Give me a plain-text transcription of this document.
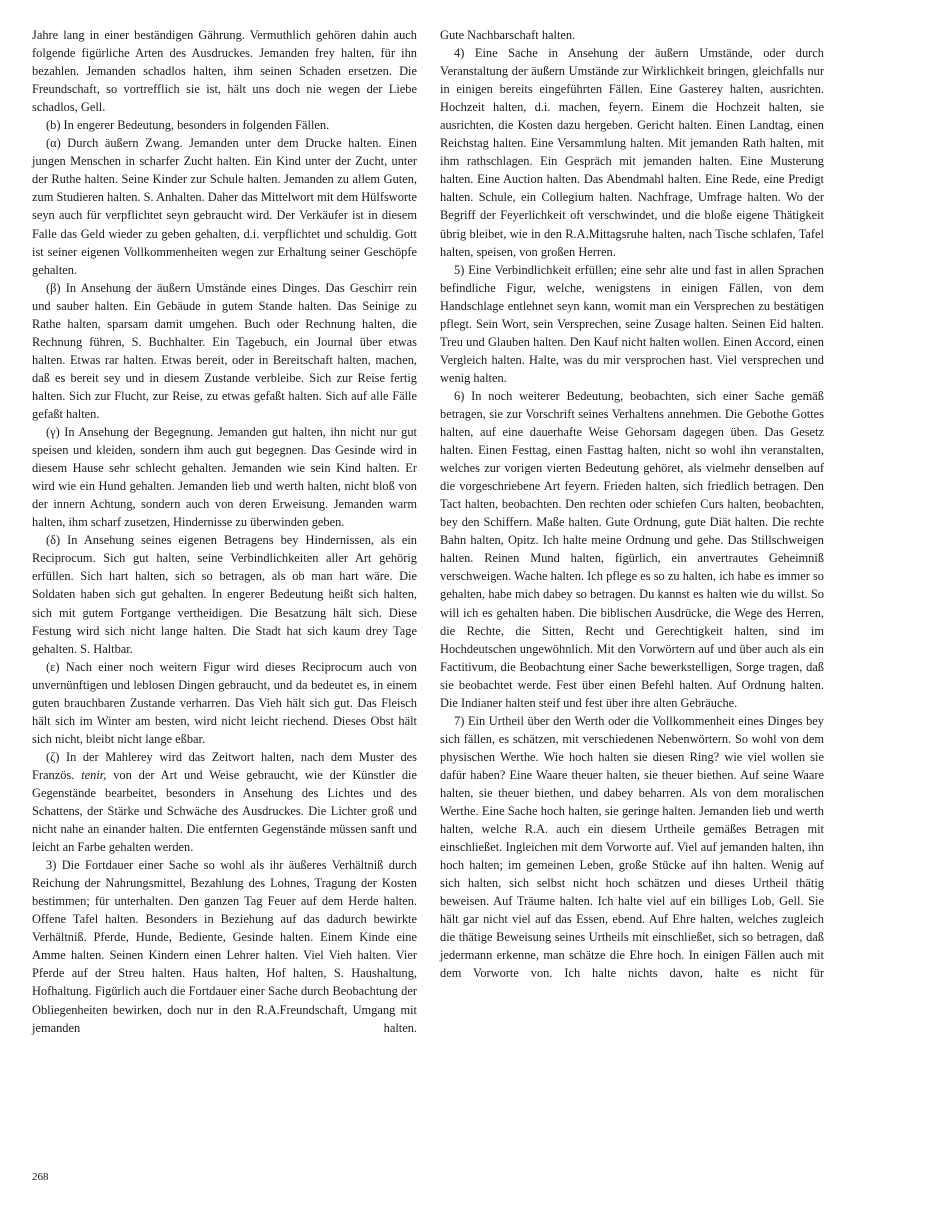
Jahre lang in einer beständigen Gährung. Vermuthlich gehören dahin auch folgende figürliche Arten des Ausdruckes. Jemanden frey halten, für ihn bezahlen. Jemanden schadlos halten, ihm seinen Schaden ersetzen. Die Freundschaft, so vortrefflich sie ist, hält uns doch nie wegen der Liebe schadlos, Gell.

(b) In engerer Bedeutung, besonders in folgenden Fällen.

(α) Durch äußern Zwang. Jemanden unter dem Drucke halten. Einen jungen Menschen in scharfer Zucht halten. Ein Kind unter der Zucht, unter der Ruthe halten. Seine Kinder zur Schule halten. Jemanden zu allem Guten, zum Studieren halten. S. Anhalten. Daher das Mittelwort mit dem Hülfsworte seyn auch für verpflichtet seyn gebraucht wird. Der Verkäufer ist in diesem Falle das Geld wieder zu geben gehalten, d.i. verpflichtet und schuldig. Gott ist seiner eigenen Vollkommenheiten wegen zur Erhaltung seiner Geschöpfe gehalten.

(β) In Ansehung der äußern Umstände eines Dinges. Das Geschirr rein und sauber halten. Ein Gebäude in gutem Stande halten. Das Seinige zu Rathe halten, sparsam damit umgehen. Buch oder Rechnung halten, die Rechnung führen, S. Buchhalter. Ein Tagebuch, ein Journal über etwas halten. Etwas rar halten. Etwas bereit, oder in Bereitschaft halten, machen, daß es bereit sey und in diesem Zustande verbleibe. Sich zur Reise fertig halten. Sich zur Flucht, zur Reise, zu etwas gefaßt halten. Sich auf alle Fälle gefaßt halten.

(γ) In Ansehung der Begegnung. Jemanden gut halten, ihn nicht nur gut speisen und kleiden, sondern ihm auch gut begegnen. Das Gesinde wird in diesem Hause sehr schlecht gehalten. Jemanden wie sein Kind halten. Er wird wie ein Hund gehalten. Jemanden lieb und werth halten, nicht bloß von der innern Achtung, sondern auch von deren Erweisung. Jemanden warm halten, ihm scharf zusetzen, Hindernisse zu überwinden geben.

(δ) In Ansehung seines eigenen Betragens bey Hindernissen, als ein Reciprocum. Sich gut halten, seine Verbindlichkeiten aller Art gehörig erfüllen. Sich hart halten, sich so betragen, als ob man hart wäre. Die Soldaten haben sich gut gehalten. In engerer Bedeutung heißt sich halten, sich mit gutem Fortgange vertheidigen. Die Besatzung hält sich. Diese Festung wird sich nicht lange halten. Die Stadt hat sich kaum drey Tage gehalten. S. Haltbar.

(ε) Nach einer noch weitern Figur wird dieses Reciprocum auch von unvernünftigen und leblosen Dingen gebraucht, und da bedeutet es, in einem guten brauchbaren Zustande verharren. Das Vieh hält sich gut. Das Fleisch hält sich im Winter am besten, wird nicht leicht riechend. Dieses Obst hält sich nicht, bleibt nicht lange eßbar.

(ζ) In der Mahlerey wird das Zeitwort halten, nach dem Muster des Französ. tenir, von der Art und Weise gebraucht, wie der Künstler die Gegenstände bearbeitet, besonders in Ansehung des Lichtes und des Schattens, der Stärke und Schwäche des Ausdruckes. Die Lichter groß und nicht nahe an einander halten. Die entfernten Gegenstände müssen sanft und leicht an Farbe gehalten werden.

3) Die Fortdauer einer Sache so wohl als ihr äußeres Verhältniß durch Reichung der Nahrungsmittel, Bezahlung des Lohnes, Tragung der Kosten bestimmen; für unterhalten. Den ganzen Tag Feuer auf dem Herde halten. Offene Tafel halten. Besonders in Beziehung auf das dadurch bewirkte Verhältniß. Pferde, Hunde, Bediente, Gesinde halten. Einem Kinde eine Amme halten. Seinen Kindern einen Lehrer halten. Viel Vieh halten. Vier Pferde auf der Streu halten. Haus halten, Hof halten, S. Haushaltung, Hofhaltung. Figürlich auch die Fortdauer einer Sache durch Beobachtung der Obliegenheiten bewirken, doch nur in den R.A.Freundschaft, Umgang mit jemanden halten.

Gute Nachbarschaft halten.

4) Eine Sache in Ansehung der äußern Umstände, oder durch Veranstaltung der äußern Umstände zur Wirklichkeit bringen, gleichfalls nur in einigen bereits eingeführten Fällen. Eine Gasterey halten, ausrichten. Hochzeit halten, d.i. machen, feyern. Einem die Hochzeit halten, sie ausrichten, die Kosten dazu hergeben. Gericht halten. Einen Landtag, einen Reichstag halten. Eine Versammlung halten. Mit jemanden Rath halten, mit ihm rathschlagen. Ein Gespräch mit jemanden halten. Eine Musterung halten. Eine Auction halten. Das Abendmahl halten. Eine Rede, eine Predigt halten. Schule, ein Collegium halten. Nachfrage, Umfrage halten. Wo der Begriff der Feyerlichkeit oft verschwindet, und die bloße eigene Thätigkeit übrig bleibet, wie in den R.A.Mittagsruhe halten, nach Tische schlafen, Tafel halten, speisen, von großen Herren.

5) Eine Verbindlichkeit erfüllen; eine sehr alte und fast in allen Sprachen befindliche Figur, welche, wenigstens in einigen Fällen, von dem Handschlage entlehnet seyn kann, womit man ein Versprechen zu bestätigen pflegt. Sein Wort, sein Versprechen, seine Zusage halten. Seinen Eid halten. Treu und Glauben halten. Den Kauf nicht halten wollen. Einen Accord, einen Vergleich halten. Halte, was du mir versprochen hast. Viel versprechen und wenig halten.

6) In noch weiterer Bedeutung, beobachten, sich einer Sache gemäß betragen, sie zur Vorschrift seines Verhaltens annehmen. Die Gebothe Gottes halten, auf eine dauerhafte Weise Gehorsam dagegen üben. Das Gesetz halten. Einen Festtag, einen Fasttag halten, nicht so wohl ihn veranstalten, welches zur vorigen vierten Bedeutung gehöret, als vielmehr denselben auf die vorgeschriebene Art feyern. Frieden halten, sich friedlich betragen. Den Tact halten, beobachten. Den rechten oder schiefen Curs halten, beobachten, bey den Schiffern. Maße halten. Gute Ordnung, gute Diät halten. Die rechte Bahn halten, Opitz. Ich halte meine Ordnung und gehe. Das Stillschweigen halten. Reinen Mund halten, figürlich, ein anvertrautes Geheimniß verschweigen. Wache halten. Ich pflege es so zu halten, ich habe es immer so gehalten, habe mich dabey so betragen. Du kannst es halten wie du willst. So will ich es gehalten haben. Die biblischen Ausdrücke, die Wege des Herren, die Rechte, die Sitten, Recht und Gerechtigkeit halten, sind im Hochdeutschen ungewöhnlich. Mit den Vorwörtern auf und über auch als ein Factitivum, die Beobachtung einer Sache bewerkstelligen, Sorge tragen, daß sie beobachtet werde. Fest über einen Befehl halten. Auf Ordnung halten. Die Indianer halten steif und fest über ihre alten Gebräuche.

7) Ein Urtheil über den Werth oder die Vollkommenheit eines Dinges bey sich fällen, es schätzen, mit verschiedenen Nebenwörtern. So wohl von dem physischen Werthe. Wie hoch halten sie diesen Ring? wie viel wollen sie dafür haben? Eine Waare theuer halten, sie theuer biethen. Auf seine Waare halten, sie theuer biethen, und dabey beharren. Als von dem moralischen Werthe. Eine Sache hoch halten, sie geringe halten. Jemanden lieb und werth halten, welche R.A. auch ein diesem Urtheile gemäßes Betragen mit einschließet. Ingleichen mit dem Vorworte auf. Viel auf jemanden halten, ihn hoch halten; im gemeinen Leben, große Stücke auf ihn halten. Wenig auf sich halten, sich selbst nicht hoch schätzen und dieses Urtheil thätig beweisen. Auf Träume halten. Ich halte viel auf ein billiges Lob, Gell. Sie hält gar nicht viel auf das Essen, ebend. Auf Ehre halten, welches zugleich die thätige Beweisung seines Urtheils mit einschließet, sich so betragen, daß jedermann erkenne, man schätze die Ehre hoch. In einigen Fällen auch mit dem Vorworte von. Ich halte nichts davon, halte es nicht für

268
